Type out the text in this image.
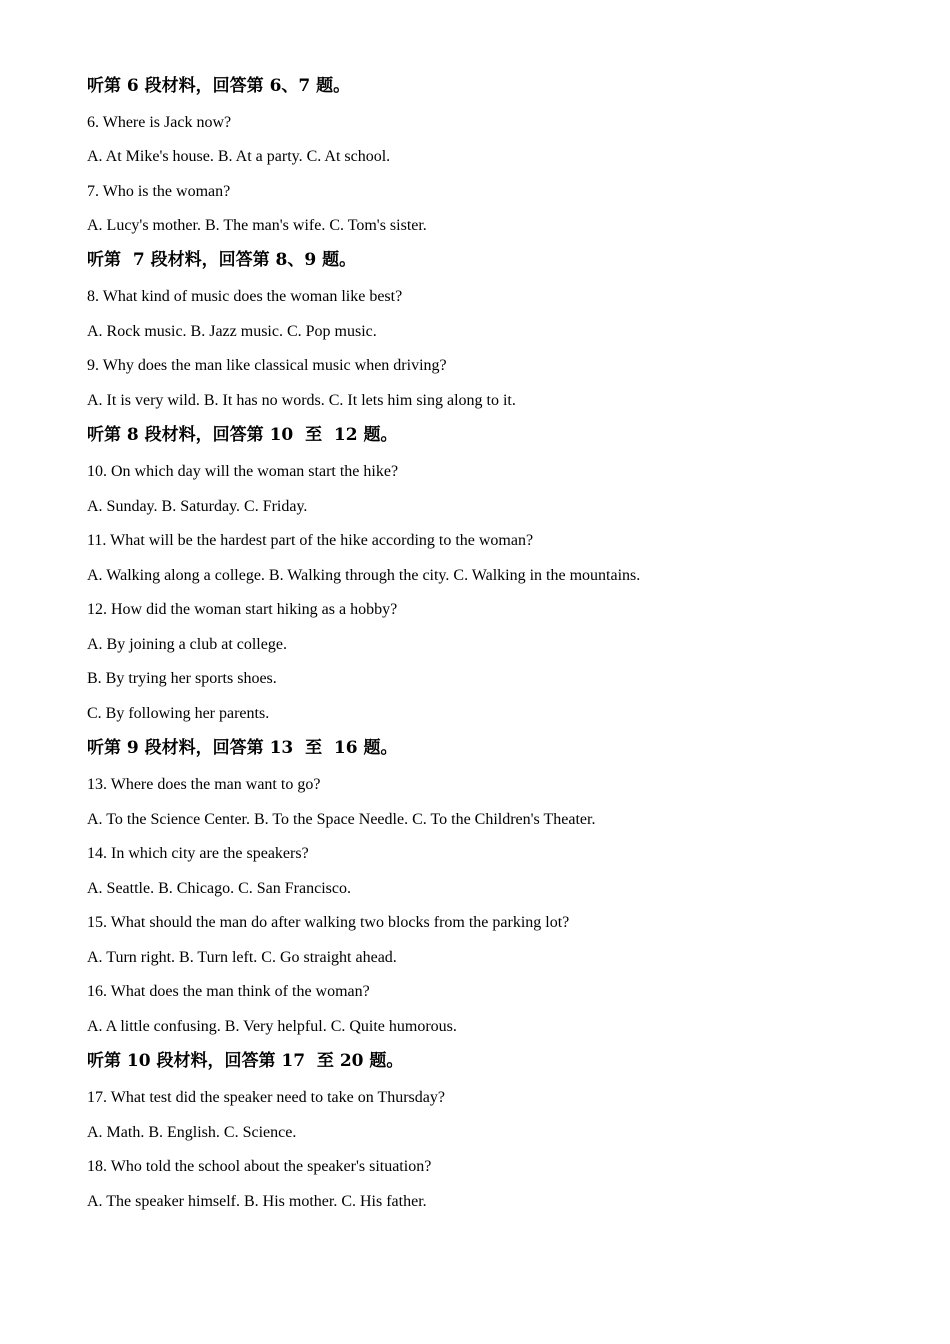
听第 6 段材料，回答第 6、7 题。
6. Where is Jack now?
A. At Mike's house. B. At a party. C. At school.
7. Who is the woman?
A. Lucy's mother. B. The man's wife. C. Tom's sister.
听第  7 段材料，回答第 8、9 题。
8. What kind of music does the woman like best?
A. Rock music. B. Jazz music. C. Pop music.
9. Why does the man like classical music when driving?
A. It is very wild. B. It has no words. C. It lets him sing along to it.
听第 8 段材料，回答第 10  至  12 题。
10. On which day will the woman start the hike?
A. Sunday. B. Saturday. C. Friday.
11. What will be the hardest part of the hike according to the woman?
A. Walking along a college. B. Walking through the city. C. Walking in the mountains.
12. How did the woman start hiking as a hobby?
A. By joining a club at college.
B. By trying her sports shoes.
C. By following her parents.
听第 9 段材料，回答第 13  至  16 题。
13. Where does the man want to go?
A. To the Science Center. B. To the Space Needle. C. To the Children's Theater.
14. In which city are the speakers?
A. Seattle. B. Chicago. C. San Francisco.
15. What should the man do after walking two blocks from the parking lot?
A. Turn right. B. Turn left. C. Go straight ahead.
16. What does the man think of the woman?
A. A little confusing. B. Very helpful. C. Quite humorous.
听第 10 段材料，回答第 17  至 20 题。
17. What test did the speaker need to take on Thursday?
A. Math. B. English. C. Science.
18. Who told the school about the speaker's situation?
A. The speaker himself. B. His mother. C. His father.
